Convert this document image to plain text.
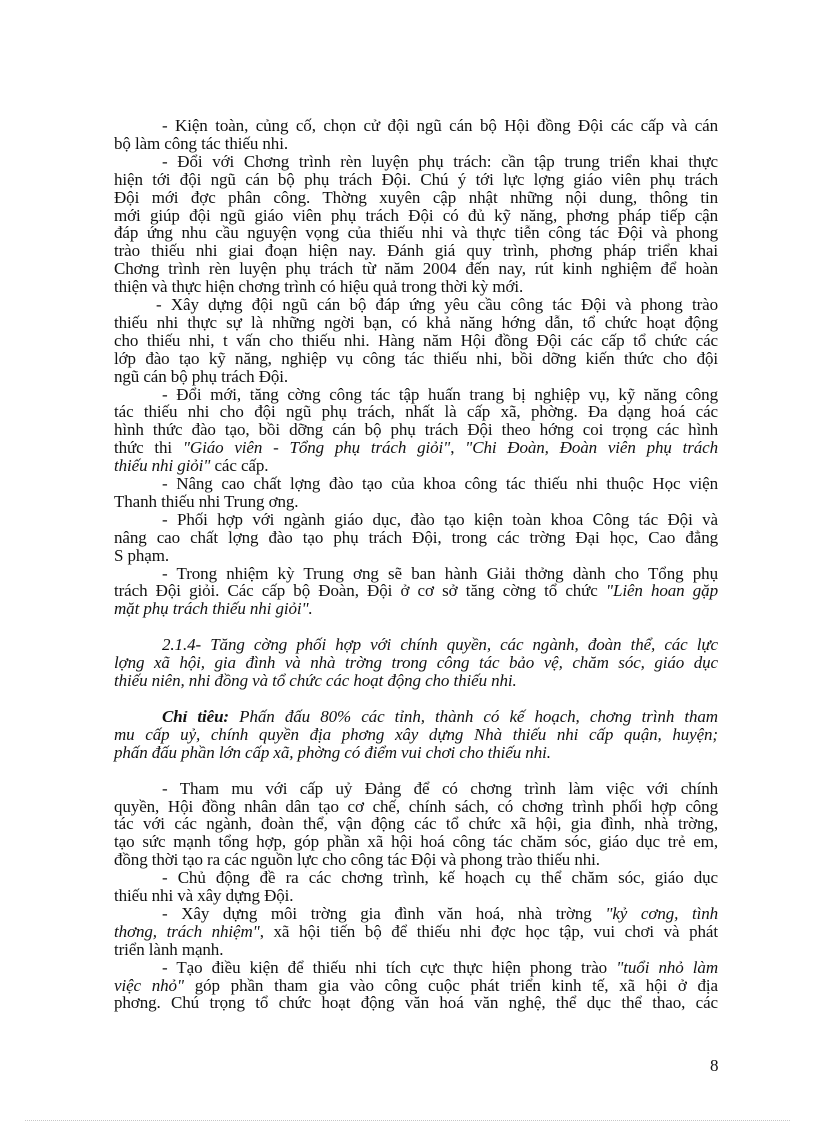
- Kiện toàn, củng cố, chọn cử đội ngũ cán bộ Hội đồng Đội các cấp và cán
bộ làm công tác thiếu nhi.
- Đổi với Chơng trình rèn luyện phụ trách: cần tập trung triển khai thực
hiện tới đội ngũ cán bộ phụ trách Đội. Chú ý tới lực lợng giáo viên phụ trách
Đội mới đợc phân công. Thờng xuyên cập nhật những nội dung, thông tin
mới giúp đội ngũ giáo viên phụ trách Đội có đủ kỹ năng, phơng pháp tiếp cận
đáp ứng nhu cầu nguyện vọng của thiếu nhi và thực tiễn công tác Đội và phong
trào thiếu nhi giai đoạn hiện nay. Đánh giá quy trình, phơng pháp triển khai
Chơng trình rèn luyện phụ trách từ năm 2004 đến nay, rút kinh nghiệm để hoàn
thiện và thực hiện chơng trình có hiệu quả trong thời kỳ mới.
- Xây dựng đội ngũ cán bộ đáp ứng yêu cầu công tác Đội và phong trào
thiếu nhi thực sự là những ngời bạn, có khả năng hớng dẫn, tổ chức hoạt động
cho thiếu nhi, t vấn cho thiếu nhi. Hàng năm Hội đồng Đội các cấp tổ chức các
lớp đào tạo kỹ năng, nghiệp vụ công tác thiếu nhi, bồi dỡng kiến thức cho đội
ngũ cán bộ phụ trách Đội.
- Đổi mới, tăng cờng công tác tập huấn trang bị nghiệp vụ, kỹ năng công
tác thiếu nhi cho đội ngũ phụ trách, nhất là cấp xã, phờng. Đa dạng hoá các
hình thức đào tạo, bồi dỡng cán bộ phụ trách Đội theo hớng coi trọng các hình
thức thi "Giáo viên - Tổng phụ trách giỏi", "Chi Đoàn, Đoàn viên phụ trách
thiếu nhi giỏi" các cấp.
- Nâng cao chất lợng đào tạo của khoa công tác thiếu nhi thuộc Học viện
Thanh thiếu nhi Trung ơng.
- Phối hợp với ngành giáo dục, đào tạo kiện toàn khoa Công tác Đội và
nâng cao chất lợng đào tạo phụ trách Đội, trong các trờng Đại học, Cao đẳng
S phạm.
- Trong nhiệm kỳ Trung ơng sẽ ban hành Giải thởng dành cho Tổng phụ
trách Đội giỏi. Các cấp bộ Đoàn, Đội ở cơ sở tăng cờng tổ chức "Liên hoan gặp
mặt phụ trách thiếu nhi giỏi".
2.1.4- Tăng cờng phối hợp với chính quyền, các ngành, đoàn thể, các lực
lợng xã hội, gia đình và nhà trờng trong công tác bảo vệ, chăm sóc, giáo dục
thiếu niên, nhi đồng và tổ chức các hoạt động cho thiếu nhi.
Chỉ tiêu: Phấn đấu 80% các tỉnh, thành có kế hoạch, chơng trình tham
mu cấp uỷ, chính quyền địa phơng xây dựng Nhà thiếu nhi cấp quận, huyện;
phấn đấu phần lớn cấp xã, phờng có điểm vui chơi cho thiếu nhi.
- Tham mu với cấp uỷ Đảng để có chơng trình làm việc với chính
quyền, Hội đồng nhân dân tạo cơ chế, chính sách, có chơng trình phối hợp công
tác với các ngành, đoàn thể, vận động các tổ chức xã hội, gia đình, nhà trờng,
tạo sức mạnh tổng hợp, góp phần xã hội hoá công tác chăm sóc, giáo dục trẻ em,
đồng thời tạo ra các nguồn lực cho công tác Đội và phong trào thiếu nhi.
- Chủ động đề ra các chơng trình, kế hoạch cụ thể chăm sóc, giáo dục
thiếu nhi và xây dựng Đội.
- Xây dựng môi trờng gia đình văn hoá, nhà trờng "kỷ cơng, tình
thơng, trách nhiệm", xã hội tiến bộ để thiếu nhi đợc học tập, vui chơi và phát
triển lành mạnh.
- Tạo điều kiện để thiếu nhi tích cực thực hiện phong trào "tuổi nhỏ làm
việc nhỏ" góp phần tham gia vào công cuộc phát triển kinh tế, xã hội ở địa
phơng. Chú trọng tổ chức hoạt động văn hoá văn nghệ, thể dục thể thao, các
8
